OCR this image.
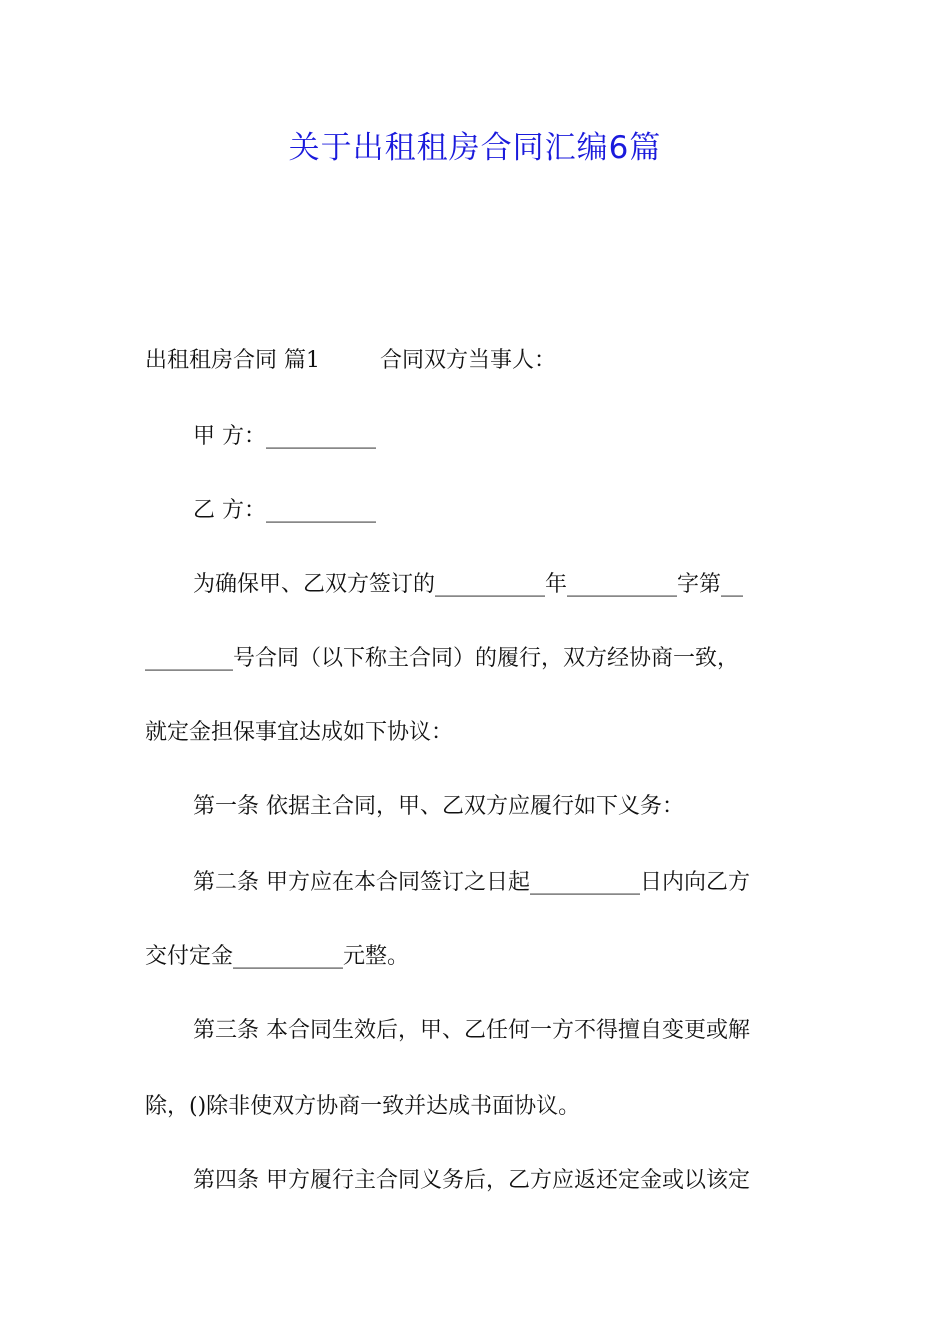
关于出租租房合同汇编6篇
出租租房合同 篇1	合同双方当事人：
甲 方：__________
乙 方：__________
为确保甲、乙双方签订的__________年__________字第__
________号合同（以下称主合同）的履行，双方经协商一致，
就定金担保事宜达成如下协议：
第一条 依据主合同，甲、乙双方应履行如下义务：
第二条 甲方应在本合同签订之日起__________日内向乙方
交付定金__________元整。
第三条 本合同生效后，甲、乙任何一方不得擅自变更或解
除，()除非使双方协商一致并达成书面协议。
第四条 甲方履行主合同义务后，乙方应返还定金或以该定
